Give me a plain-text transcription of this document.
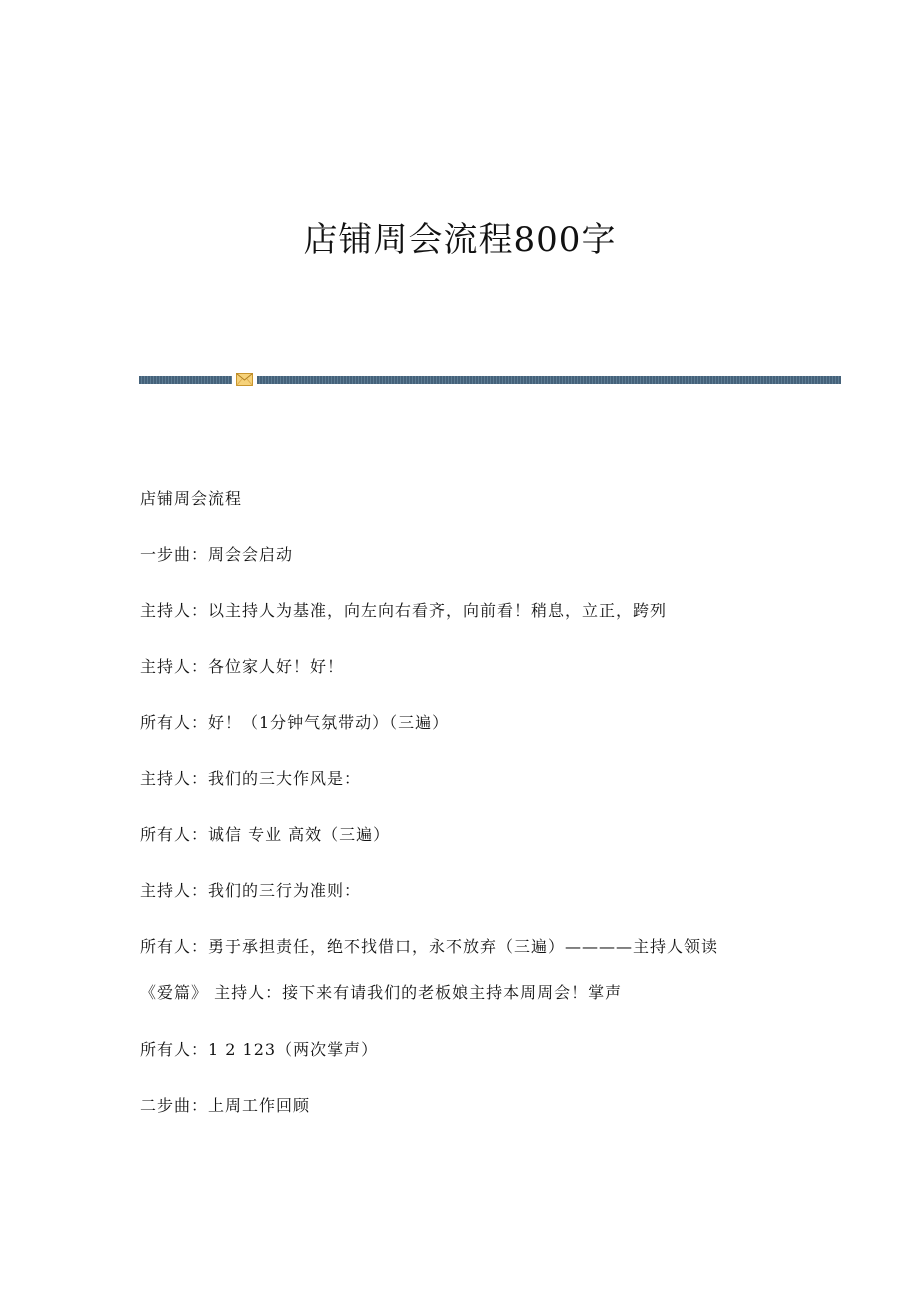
店铺周会流程800字

店铺周会流程

一步曲：周会会启动

主持人：以主持人为基准，向左向右看齐，向前看！稍息，立正，跨列

主持人：各位家人好！好！

所有人：好！（1分钟气氛带动）（三遍）

主持人：我们的三大作风是：

所有人：诚信 专业 高效（三遍）

主持人：我们的三行为准则：

所有人：勇于承担责任，绝不找借口，永不放弃（三遍）————主持人领读

《爱篇》 主持人：接下来有请我们的老板娘主持本周周会！掌声

所有人：1 2 123（两次掌声）

二步曲：上周工作回顾
